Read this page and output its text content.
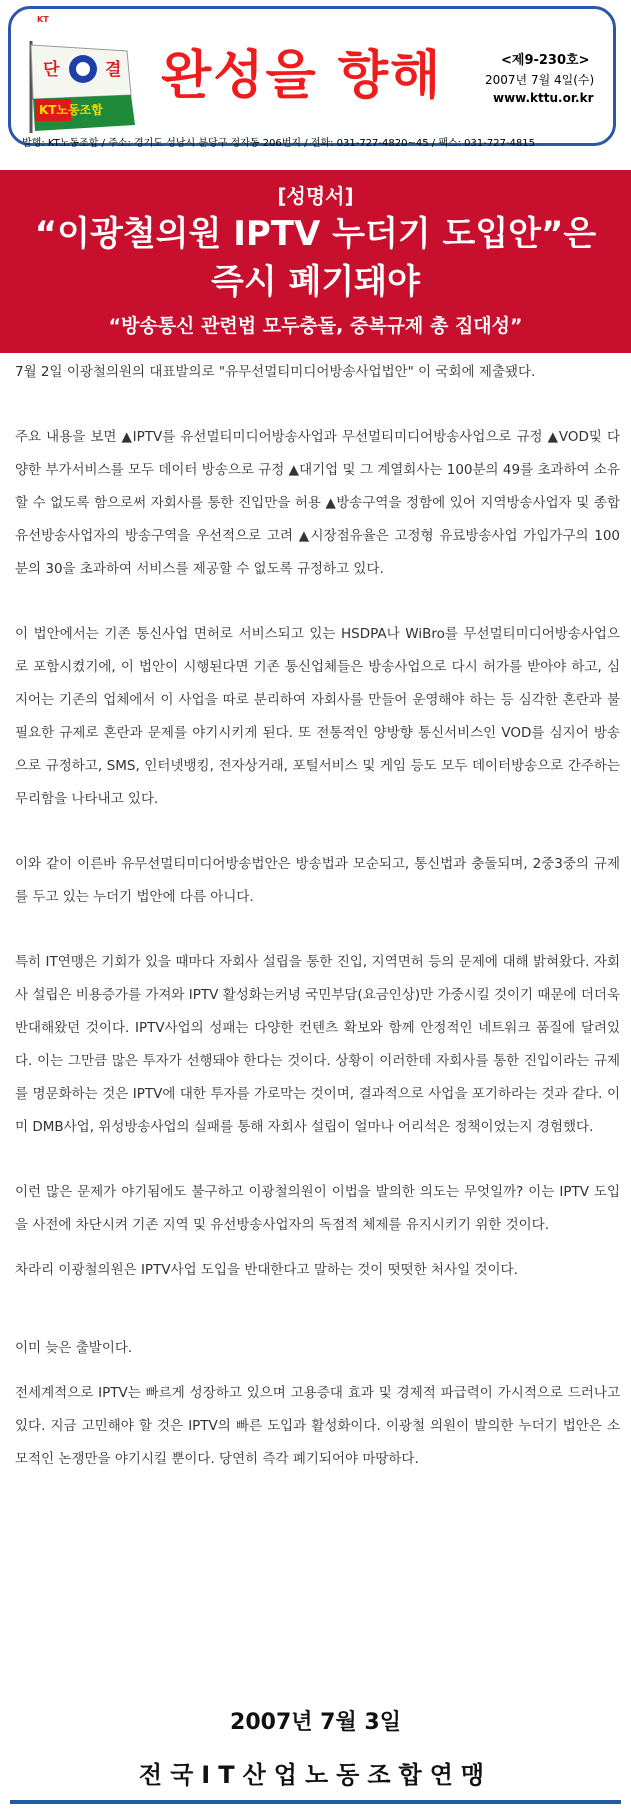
단	결
KT노동조합
KT
완성을 향해	<제9-230호>
2007년 7월 4일(수)
www.kttu.or.kr
발행: KT노동조합 / 주소: 경기도 성남시 분당구 정자동 206번지 / 전화: 031-727-4820~45 / 팩스: 031-727-4815
[성명서]
“이광철의원 IPTV 누더기 도입안”은
즉시 폐기돼야
“방송통신 관련법 모두충돌, 중복규제 총 집대성”

7월 2일 이광철의원의 대표발의로 "유무선멀티미디어방송사업법안" 이 국회에 제출됐다.

주요 내용을 보면 ▲IPTV를 유선멀티미디어방송사업과 무선멀티미디어방송사업으로 규정 ▲VOD및 다양한 부가서비스를 모두 데이터 방송으로 규정 ▲대기업 및 그 계열회사는 100분의 49를 초과하여 소유할 수 없도록 함으로써 자회사를 통한 진입만을 허용 ▲방송구역을 정함에 있어 지역방송사업자 및 종합유선방송사업자의 방송구역을 우선적으로 고려 ▲시장점유율은 고정형 유료방송사업 가입가구의 100분의 30을 초과하여 서비스를 제공할 수 없도록 규정하고 있다.

이 법안에서는 기존 통신사업 면허로 서비스되고 있는 HSDPA나 WiBro를 무선멀티미디어방송사업으로 포함시켰기에, 이 법안이 시행된다면 기존 통신업체들은 방송사업으로 다시 허가를 받아야 하고, 심지어는 기존의 업체에서 이 사업을 따로 분리하여 자회사를 만들어 운영해야 하는 등 심각한 혼란과 불필요한 규제로 혼란과 문제를 야기시키게 된다. 또 전통적인 양방향 통신서비스인 VOD를 심지어 방송으로 규정하고, SMS, 인터넷뱅킹, 전자상거래, 포털서비스 및 게임 등도 모두 데이터방송으로 간주하는 무리함을 나타내고 있다.

이와 같이 이른바 유무선멀티미디어방송법안은 방송법과 모순되고, 통신법과 충돌되며, 2중3중의 규제를 두고 있는 누더기 법안에 다름 아니다.

특히 IT연맹은 기회가 있을 때마다 자회사 설립을 통한 진입, 지역면허 등의 문제에 대해 밝혀왔다. 자회사 설립은 비용증가를 가져와 IPTV 활성화는커녕 국민부담(요금인상)만 가중시킬 것이기 때문에 더더욱 반대해왔던 것이다. IPTV사업의 성패는 다양한 컨텐츠 확보와 함께 안정적인 네트워크 품질에 달려있다. 이는 그만큼 많은 투자가 선행돼야 한다는 것이다. 상황이 이러한데 자회사를 통한 진입이라는 규제를 명문화하는 것은 IPTV에 대한 투자를 가로막는 것이며, 결과적으로 사업을 포기하라는 것과 같다. 이미 DMB사업, 위성방송사업의 실패를 통해 자회사 설립이 얼마나 어리석은 정책이었는지 경험했다.

이런 많은 문제가 야기됨에도 불구하고 이광철의원이 이법을 발의한 의도는 무엇일까? 이는 IPTV 도입을 사전에 차단시켜 기존 지역 및 유선방송사업자의 독점적 체제를 유지시키기 위한 것이다.

차라리 이광철의원은 IPTV사업 도입을 반대한다고 말하는 것이 떳떳한 처사일 것이다.

이미 늦은 출발이다.

전세계적으로 IPTV는 빠르게 성장하고 있으며 고용증대 효과 및 경제적 파급력이 가시적으로 드러나고 있다. 지금 고민해야 할 것은 IPTV의 빠른 도입과 활성화이다. 이광철 의원이 발의한 누더기 법안은 소모적인 논쟁만을 야기시킬 뿐이다. 당연히 즉각 폐기되어야 마땅하다.

2007년 7월 3일
전국IT산업노동조합연맹
